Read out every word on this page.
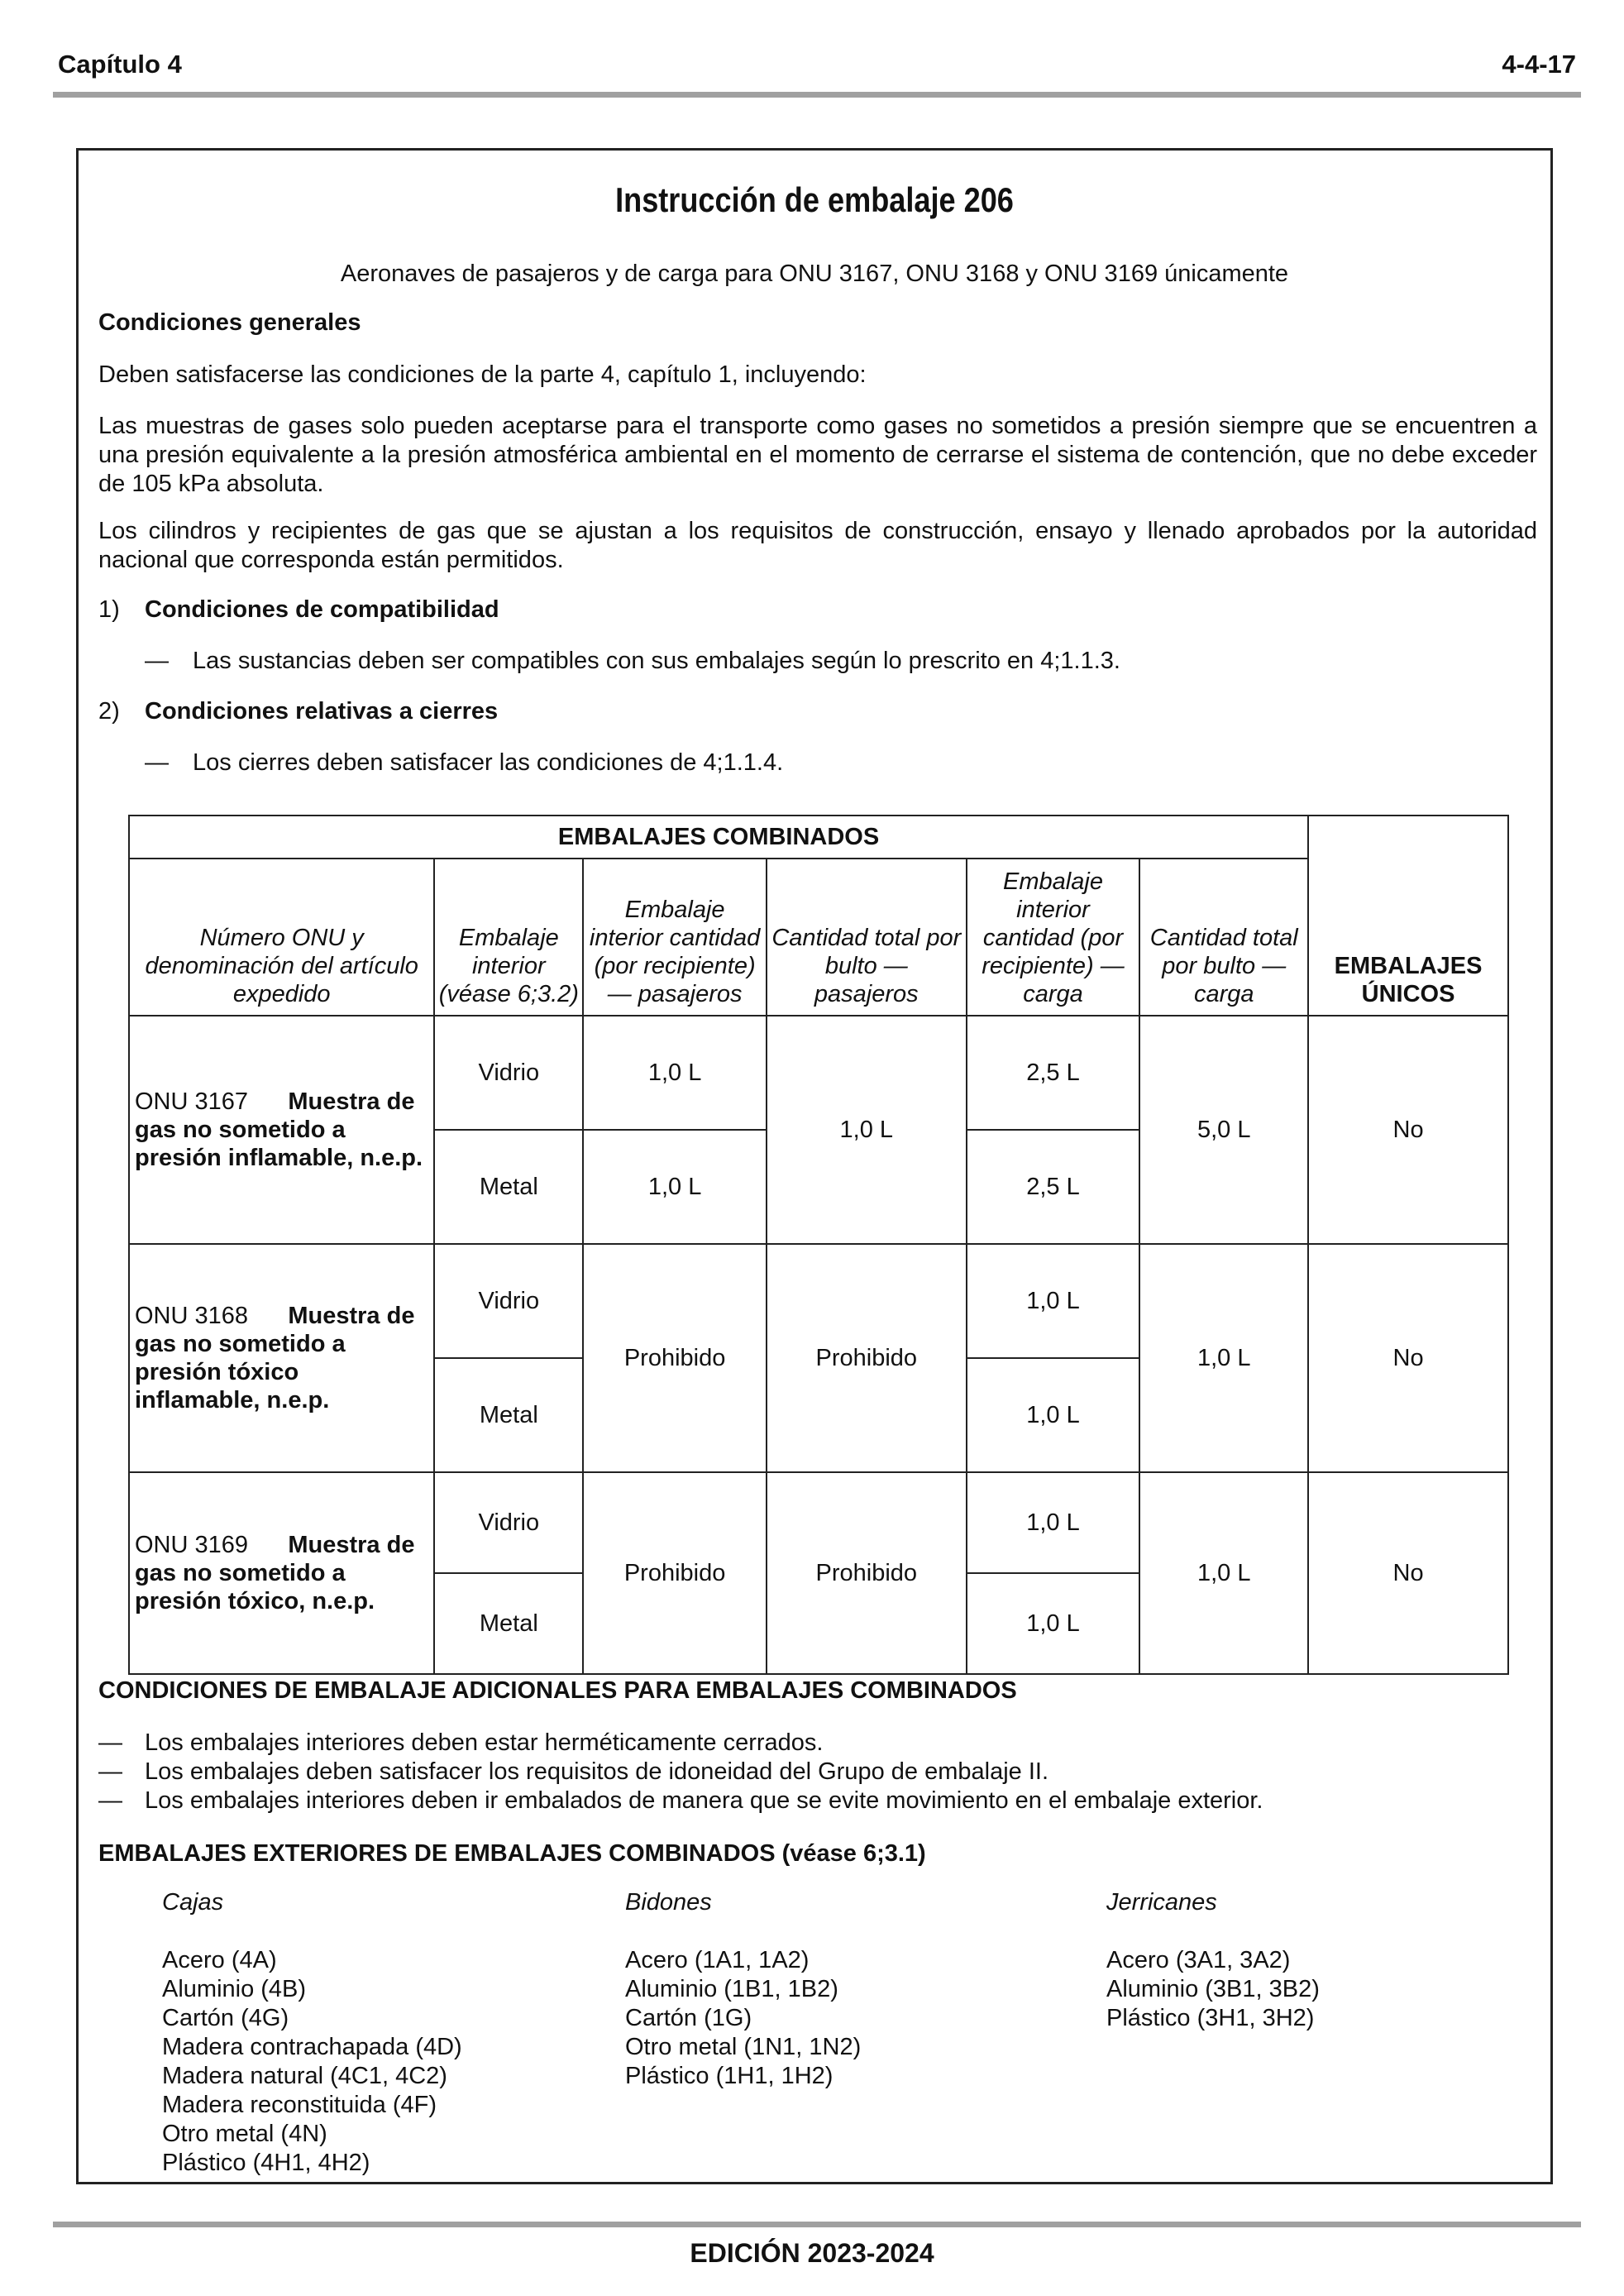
Capítulo 4	4-4-17
Instrucción de embalaje 206
Aeronaves de pasajeros y de carga para ONU 3167, ONU 3168 y ONU 3169 únicamente
Condiciones generales
Deben satisfacerse las condiciones de la parte 4, capítulo 1, incluyendo:
Las muestras de gases solo pueden aceptarse para el transporte como gases no sometidos a presión siempre que se encuentren a una presión equivalente a la presión atmosférica ambiental en el momento de cerrarse el sistema de contención, que no debe exceder de 105 kPa absoluta.
Los cilindros y recipientes de gas que se ajustan a los requisitos de construcción, ensayo y llenado aprobados por la autoridad nacional que corresponda están permitidos.
1) Condiciones de compatibilidad
— Las sustancias deben ser compatibles con sus embalajes según lo prescrito en 4;1.1.3.
2) Condiciones relativas a cierres
— Los cierres deben satisfacer las condiciones de 4;1.1.4.
EMBALAJES COMBINADOS						EMBALAJES ÚNICOS
Número ONU y denominación del artículo expedido	Embalaje interior (véase 6;3.2)	Embalaje interior cantidad (por recipiente) — pasajeros	Cantidad total por bulto — pasajeros	Embalaje interior cantidad (por recipiente) — carga	Cantidad total por bulto — carga	
ONU 3167 Muestra de gas no sometido a presión inflamable, n.e.p.	Vidrio	1,0 L	1,0 L	2,5 L	5,0 L	No
	Metal	1,0 L		2,5 L		
ONU 3168 Muestra de gas no sometido a presión tóxico inflamable, n.e.p.	Vidrio	Prohibido	Prohibido	1,0 L	1,0 L	No
	Metal			1,0 L		
ONU 3169 Muestra de gas no sometido a presión tóxico, n.e.p.	Vidrio	Prohibido	Prohibido	1,0 L	1,0 L	No
	Metal			1,0 L		
CONDICIONES DE EMBALAJE ADICIONALES PARA EMBALAJES COMBINADOS
— Los embalajes interiores deben estar herméticamente cerrados.
— Los embalajes deben satisfacer los requisitos de idoneidad del Grupo de embalaje II.
— Los embalajes interiores deben ir embalados de manera que se evite movimiento en el embalaje exterior.
EMBALAJES EXTERIORES DE EMBALAJES COMBINADOS (véase 6;3.1)
Cajas
Acero (4A)
Aluminio (4B)
Cartón (4G)
Madera contrachapada (4D)
Madera natural (4C1, 4C2)
Madera reconstituida (4F)
Otro metal (4N)
Plástico (4H1, 4H2)
Bidones
Acero (1A1, 1A2)
Aluminio (1B1, 1B2)
Cartón (1G)
Otro metal (1N1, 1N2)
Plástico (1H1, 1H2)
Jerricanes
Acero (3A1, 3A2)
Aluminio (3B1, 3B2)
Plástico (3H1, 3H2)
EDICIÓN 2023-2024
